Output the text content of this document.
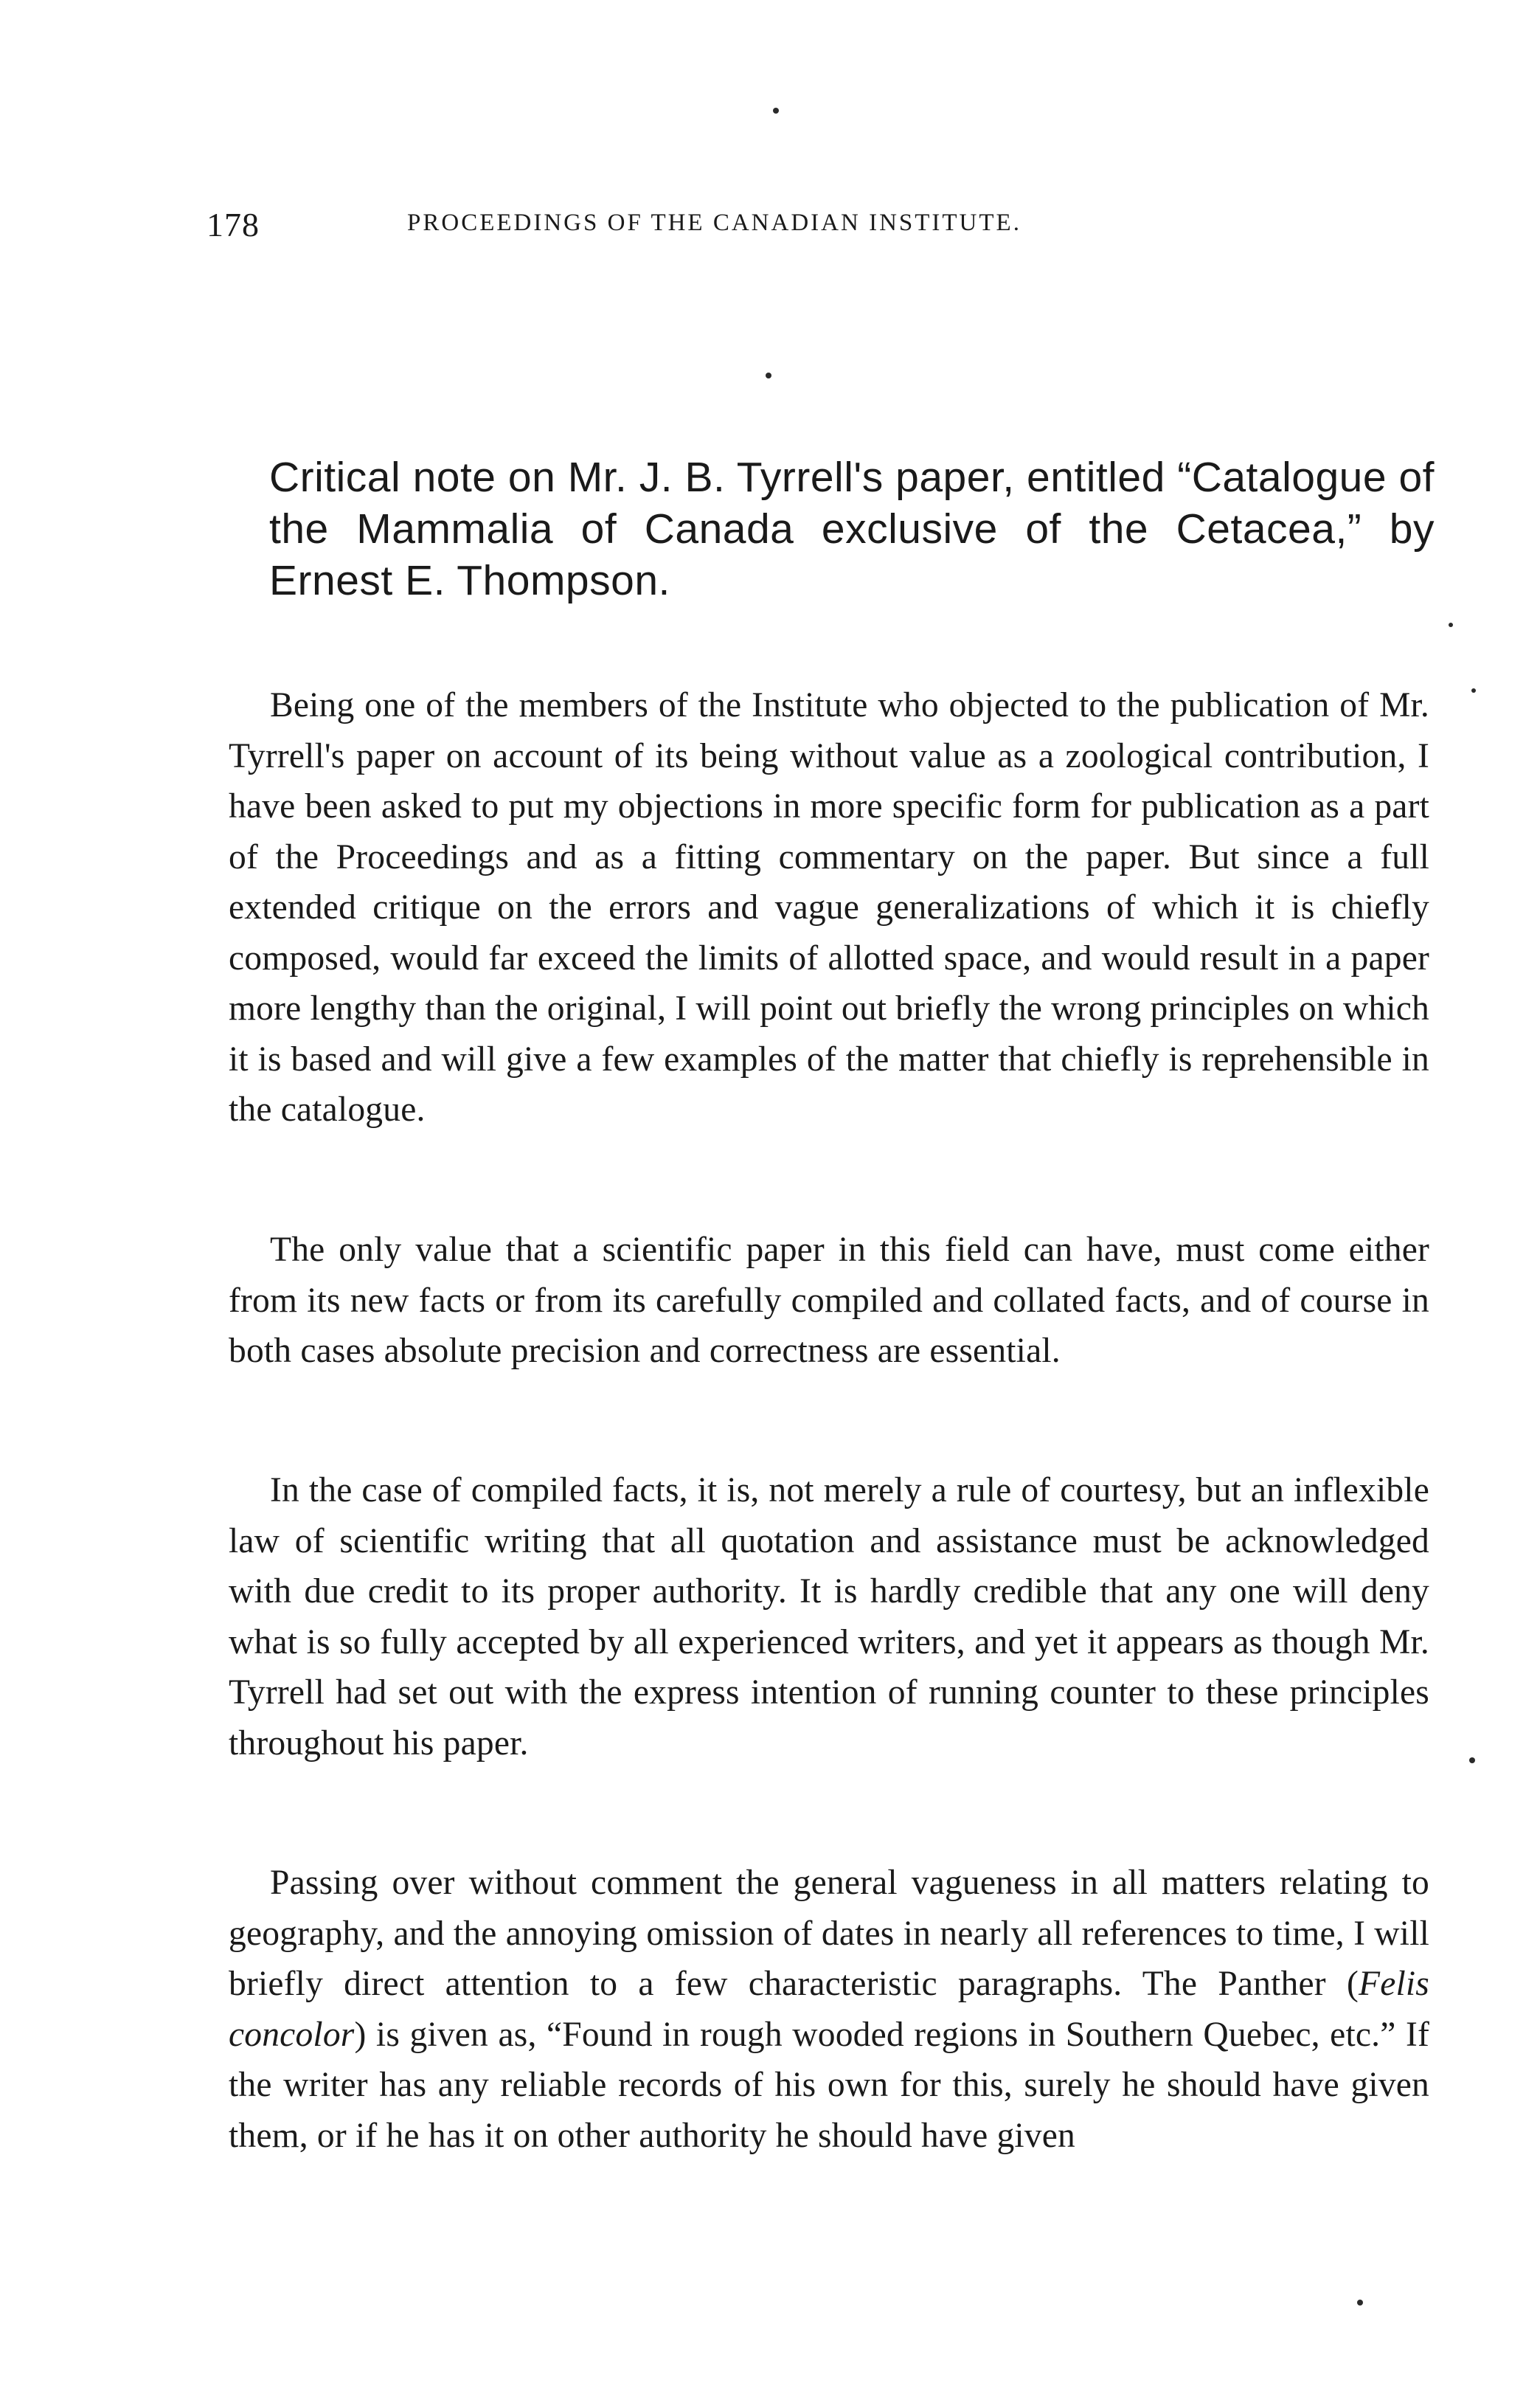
178	PROCEEDINGS OF THE CANADIAN INSTITUTE.
Critical note on Mr. J. B. Tyrrell's paper, entitled “Catalogue of the Mammalia of Canada exclusive of the Cetacea,” by Ernest E. Thompson.

Being one of the members of the Institute who objected to the publication of Mr. Tyrrell's paper on account of its being without value as a zoological contribution, I have been asked to put my objections in more specific form for publication as a part of the Proceedings and as a fitting commentary on the paper. But since a full extended critique on the errors and vague generalizations of which it is chiefly composed, would far exceed the limits of allotted space, and would result in a paper more lengthy than the original, I will point out briefly the wrong principles on which it is based and will give a few examples of the matter that chiefly is reprehensible in the catalogue.

The only value that a scientific paper in this field can have, must come either from its new facts or from its carefully compiled and collated facts, and of course in both cases absolute precision and correctness are essential.

In the case of compiled facts, it is, not merely a rule of courtesy, but an inflexible law of scientific writing that all quotation and assistance must be acknowledged with due credit to its proper authority. It is hardly credible that any one will deny what is so fully accepted by all experienced writers, and yet it appears as though Mr. Tyrrell had set out with the express intention of running counter to these principles throughout his paper.

Passing over without comment the general vagueness in all matters relating to geography, and the annoying omission of dates in nearly all references to time, I will briefly direct attention to a few characteristic paragraphs. The Panther (Felis concolor) is given as, “Found in rough wooded regions in Southern Quebec, etc.” If the writer has any reliable records of his own for this, surely he should have given them, or if he has it on other authority he should have given
